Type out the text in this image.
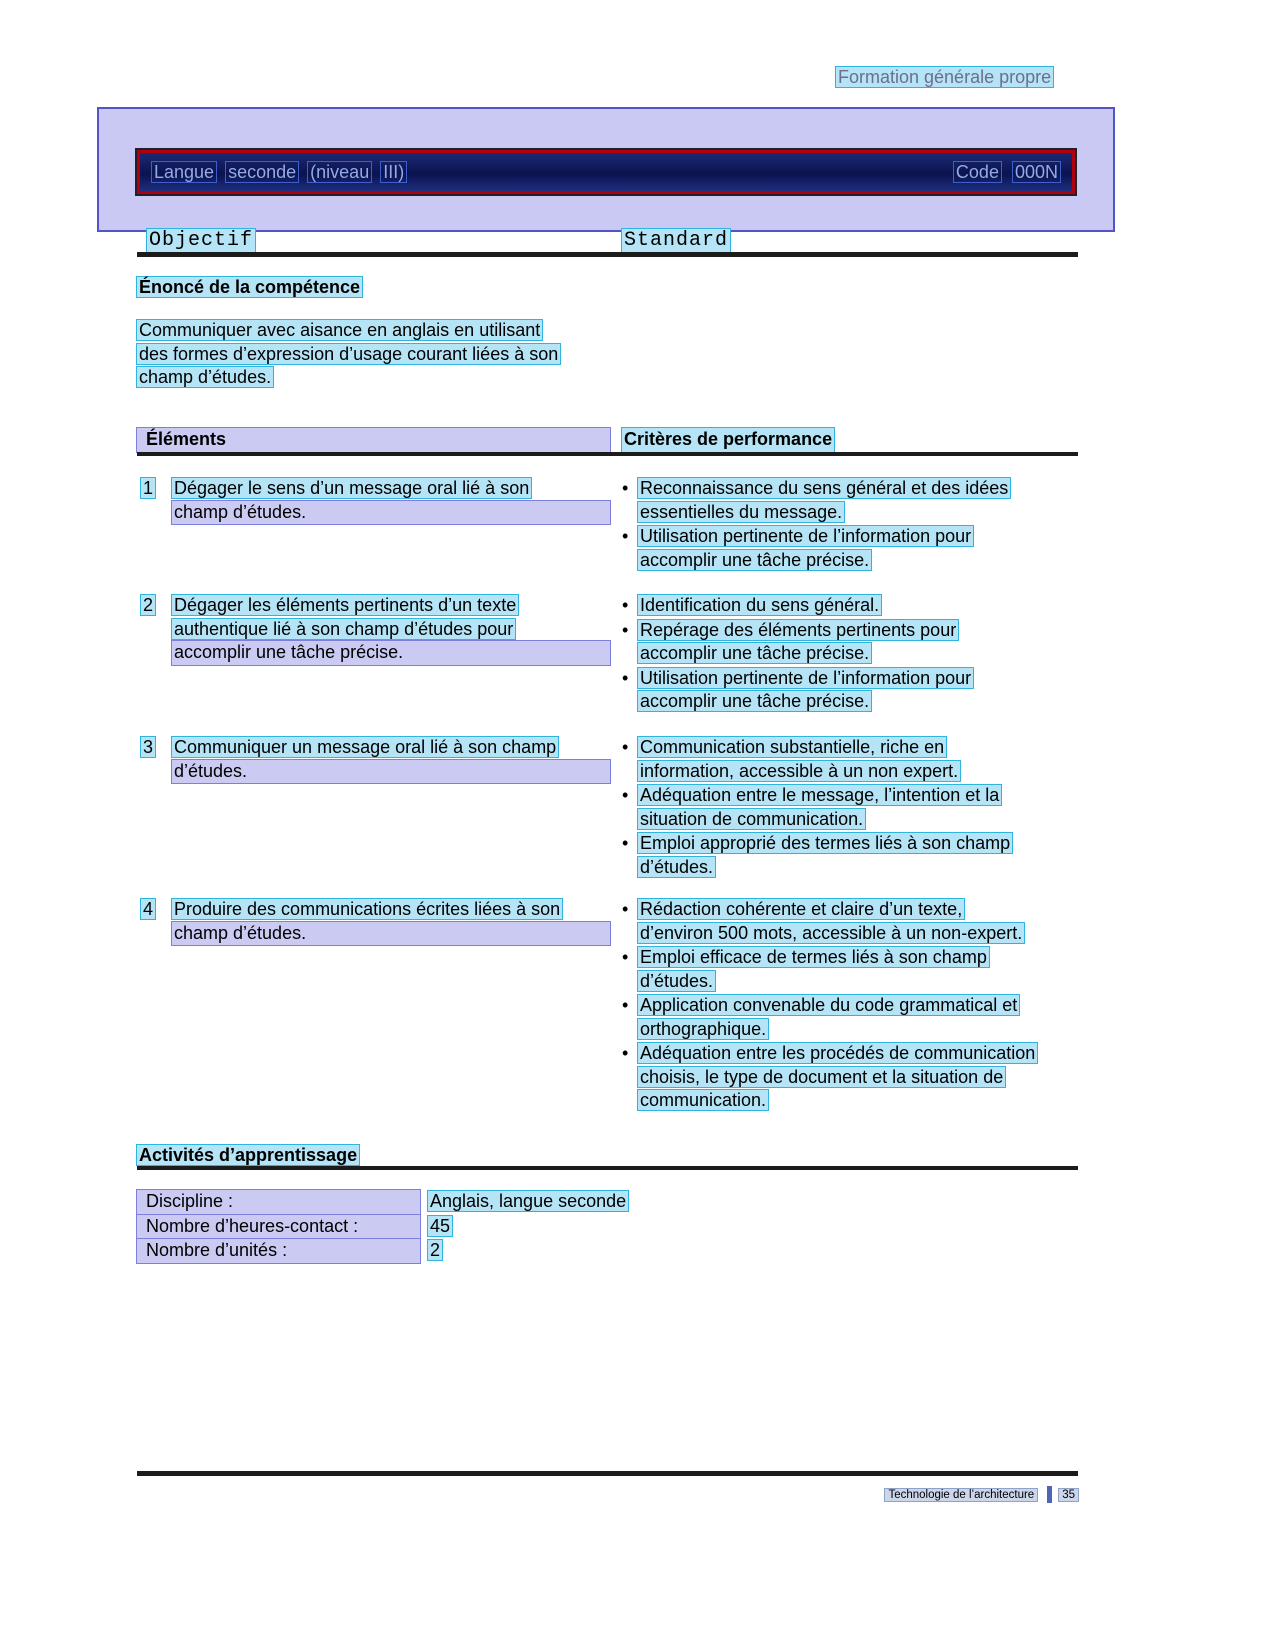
Formation générale propre
Langue seconde (niveau III)	Code 000N
Objectif	Standard
Énoncé de la compétence
Communiquer avec aisance en anglais en utilisant
des formes d’expression d’usage courant liées à son
champ d’études.
Éléments	Critères de performance
1	Dégager le sens d’un message oral lié à son
champ d’études.
• Reconnaissance du sens général et des idées
essentielles du message.
• Utilisation pertinente de l’information pour
accomplir une tâche précise.
2	Dégager les éléments pertinents d’un texte
authentique lié à son champ d’études pour
accomplir une tâche précise.
• Identification du sens général.
• Repérage des éléments pertinents pour
accomplir une tâche précise.
• Utilisation pertinente de l’information pour
accomplir une tâche précise.
3	Communiquer un message oral lié à son champ
d’études.
• Communication substantielle, riche en
information, accessible à un non expert.
• Adéquation entre le message, l’intention et la
situation de communication.
• Emploi approprié des termes liés à son champ
d’études.
4	Produire des communications écrites liées à son
champ d’études.
• Rédaction cohérente et claire d’un texte,
d’environ 500 mots, accessible à un non-expert.
• Emploi efficace de termes liés à son champ
d’études.
• Application convenable du code grammatical et
orthographique.
• Adéquation entre les procédés de communication
choisis, le type de document et la situation de
communication.
Activités d’apprentissage
Discipline :	Anglais, langue seconde
Nombre d’heures-contact :	45
Nombre d’unités :	2
Technologie de l’architecture 35
